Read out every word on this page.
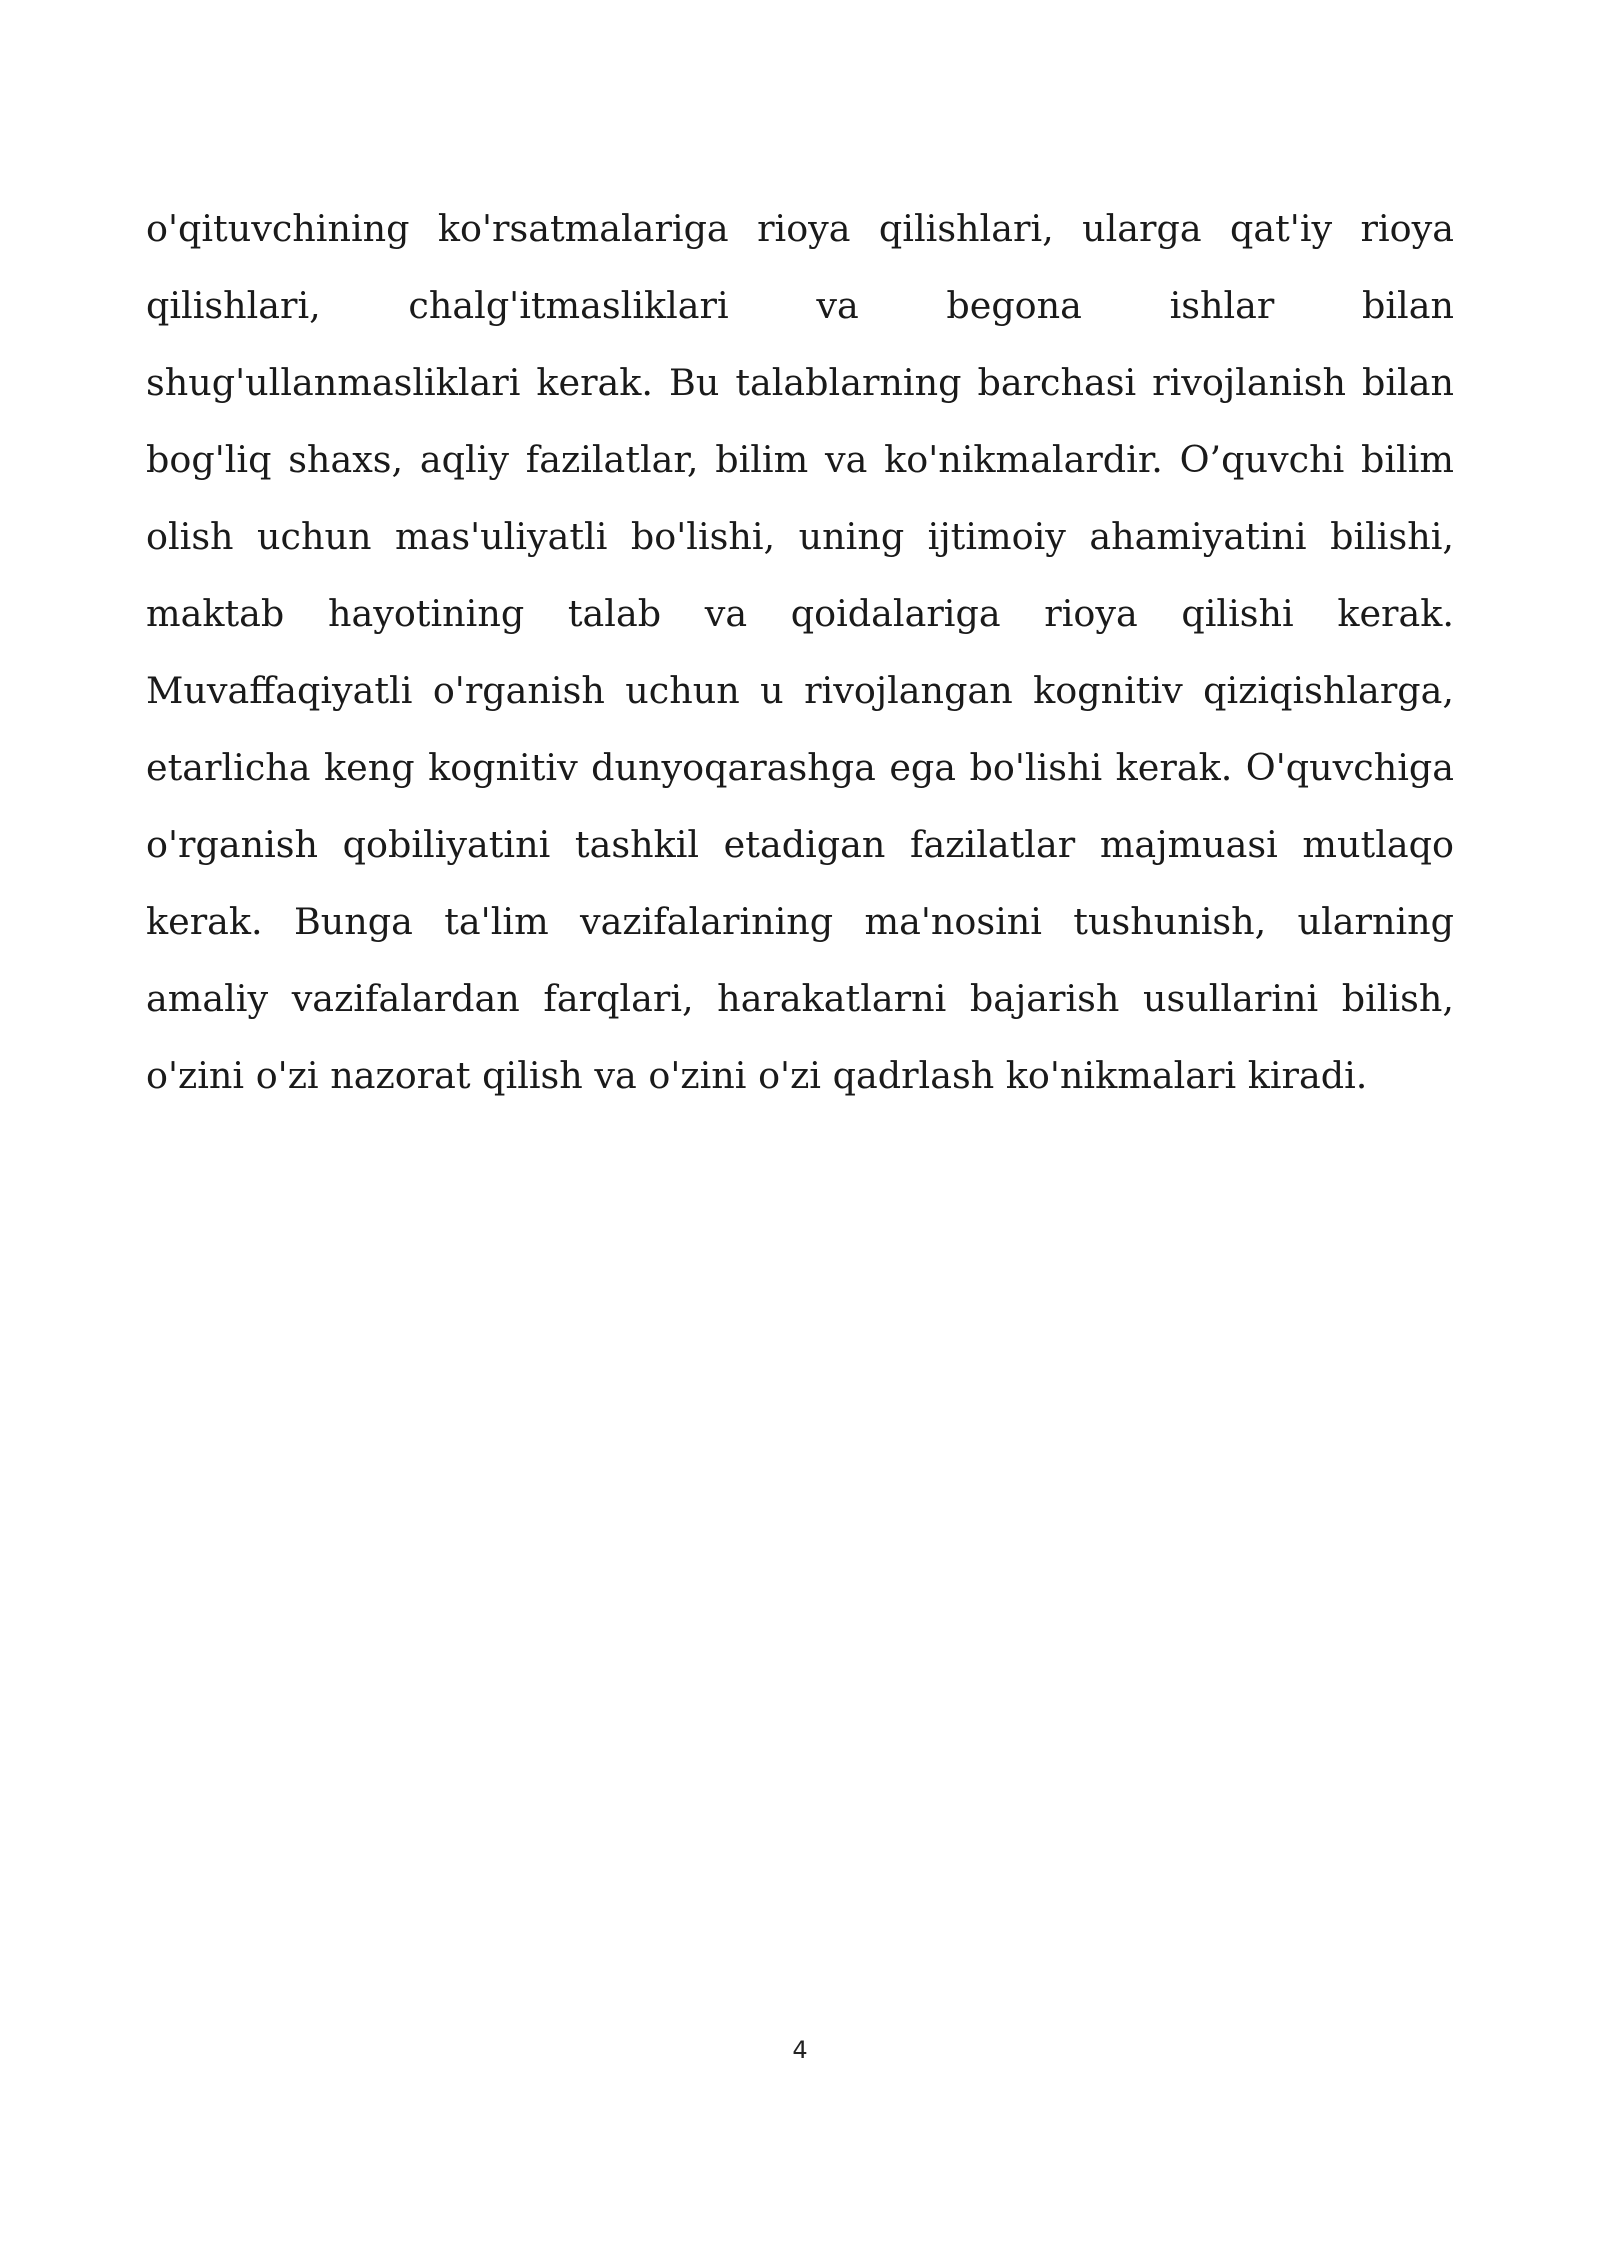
o'qituvchining ko'rsatmalariga rioya qilishlari, ularga qat'iy rioya qilishlari, chalg'itmasliklari va begona ishlar bilan shug'ullanmasliklari kerak. Bu talablarning barchasi rivojlanish bilan bog'liq shaxs, aqliy fazilatlar, bilim va ko'nikmalardir. O’quvchi bilim olish uchun mas'uliyatli bo'lishi, uning ijtimoiy ahamiyatini bilishi, maktab hayotining talab va qoidalariga rioya qilishi kerak. Muvaffaqiyatli o'rganish uchun u rivojlangan kognitiv qiziqishlarga, etarlicha keng kognitiv dunyoqarashga ega bo'lishi kerak. O'quvchiga o'rganish qobiliyatini tashkil etadigan fazilatlar majmuasi mutlaqo kerak. Bunga ta'lim vazifalarining ma'nosini tushunish, ularning amaliy vazifalardan farqlari, harakatlarni bajarish usullarini bilish, o'zini o'zi nazorat qilish va o'zini o'zi qadrlash ko'nikmalari kiradi.

4
